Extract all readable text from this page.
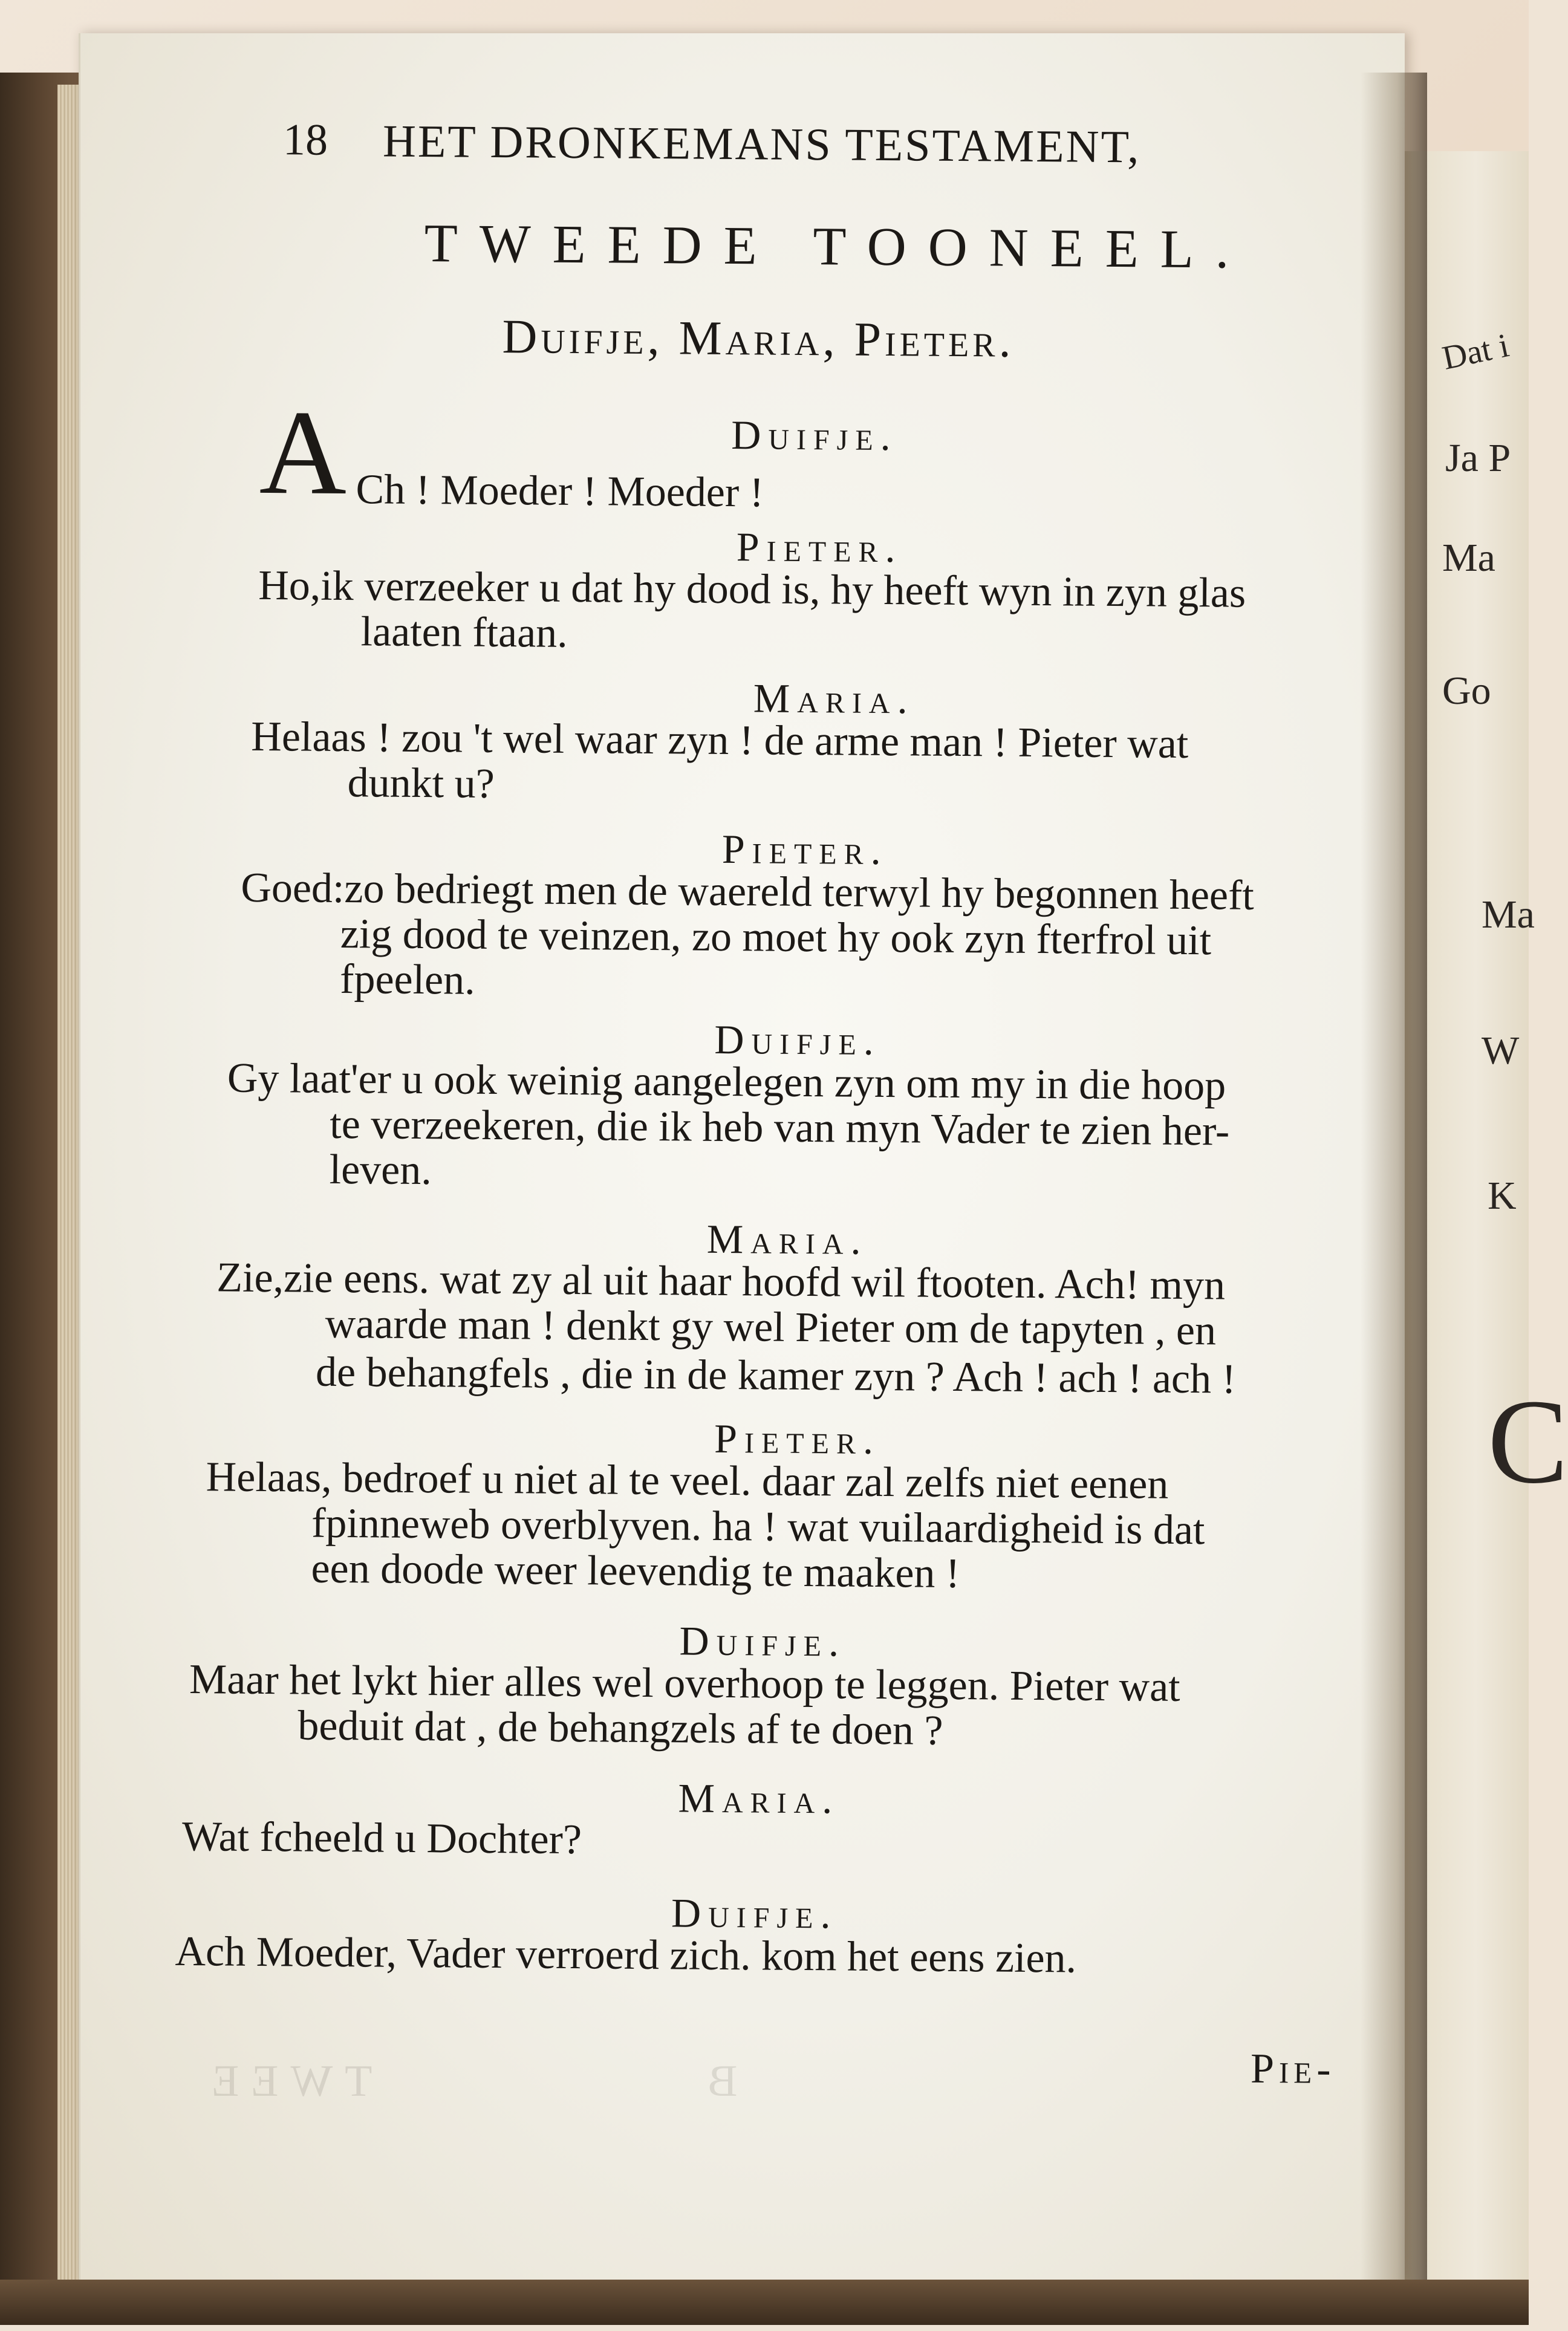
Dat i
Ja P
Ma
Go
Ma
W
K
C
TWEE	B
18 HET DRONKEMANS TESTAMENT,
TWEEDE TOONEEL.
Duifje, Maria, Pieter.
Duifje.
A Ch ! Moeder ! Moeder !
Pieter.
Ho,ik verzeeker u dat hy dood is, hy heeft wyn in zyn glas
laaten ftaan.
Maria.
Helaas ! zou 't wel waar zyn ! de arme man ! Pieter wat
dunkt u?
Pieter.
Goed:zo bedriegt men de waereld terwyl hy begonnen heeft
zig dood te veinzen, zo moet hy ook zyn fterfrol uit
fpeelen.
Duifje.
Gy laat'er u ook weinig aangelegen zyn om my in die hoop
te verzeekeren, die ik heb van myn Vader te zien her-
leven.
Maria.
Zie,zie eens. wat zy al uit haar hoofd wil ftooten. Ach! myn
waarde man ! denkt gy wel Pieter om de tapyten , en
de behangfels , die in de kamer zyn ? Ach ! ach ! ach !
Pieter.
Helaas, bedroef u niet al te veel. daar zal zelfs niet eenen
fpinneweb overblyven. ha ! wat vuilaardigheid is dat
een doode weer leevendig te maaken !
Duifje.
Maar het lykt hier alles wel overhoop te leggen. Pieter wat
beduit dat , de behangzels af te doen ?
Maria.
Wat fcheeld u Dochter?
Duifje.
Ach Moeder, Vader verroerd zich. kom het eens zien.
Pie-
